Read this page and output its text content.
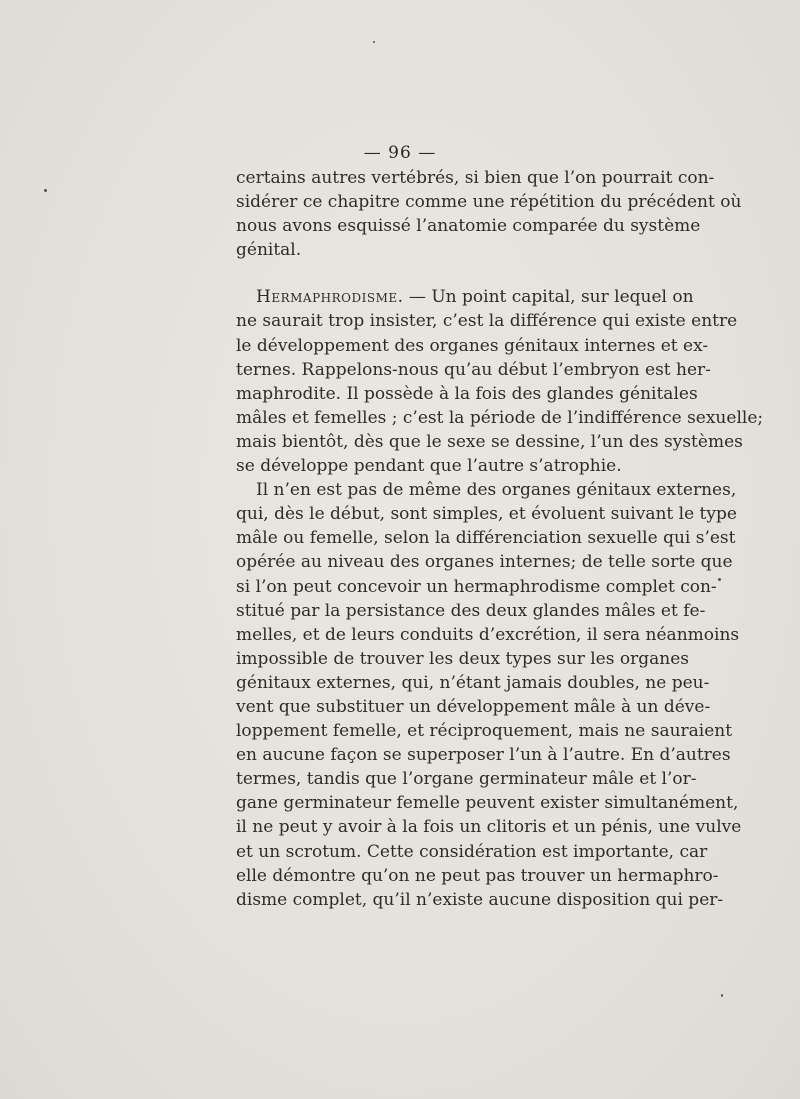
— 96 —
certains autres vertébrés, si bien que l’on pourrait con-
sidérer ce chapitre comme une répétition du précédent où
nous avons esquissé l’anatomie comparée du système
génital.
Hermaphrodisme. — Un point capital, sur lequel on
ne saurait trop insister, c’est la différence qui existe entre
le développement des organes génitaux internes et ex-
ternes. Rappelons-nous qu’au début l’embryon est her-
maphrodite. Il possède à la fois des glandes génitales
mâles et femelles ; c’est la période de l’indifférence sexuelle;
mais bientôt, dès que le sexe se dessine, l’un des systèmes
se développe pendant que l’autre s’atrophie.
Il n’en est pas de même des organes génitaux externes,
qui, dès le début, sont simples, et évoluent suivant le type
mâle ou femelle, selon la différenciation sexuelle qui s’est
opérée au niveau des organes internes; de telle sorte que
si l’on peut concevoir un hermaphrodisme complet con-
stitué par la persistance des deux glandes mâles et fe-
melles, et de leurs conduits d’excrétion, il sera néanmoins
impossible de trouver les deux types sur les organes
génitaux externes, qui, n’étant jamais doubles, ne peu-
vent que substituer un développement mâle à un déve-
loppement femelle, et réciproquement, mais ne sauraient
en aucune façon se superposer l’un à l’autre. En d’autres
termes, tandis que l’organe germinateur mâle et l’or-
gane germinateur femelle peuvent exister simultanément,
il ne peut y avoir à la fois un clitoris et un pénis, une vulve
et un scrotum. Cette considération est importante, car
elle démontre qu’on ne peut pas trouver un hermaphro-
disme complet, qu’il n’existe aucune disposition qui per-
